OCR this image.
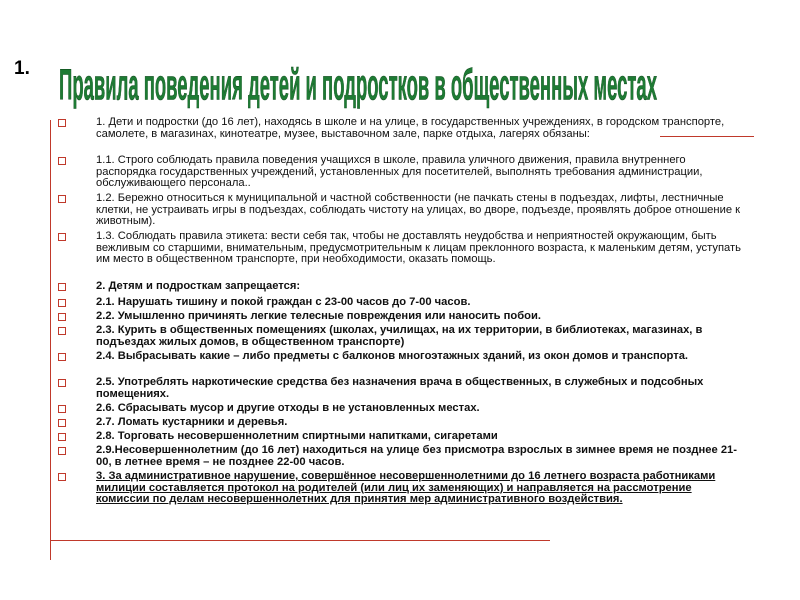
1. Правила поведения детей и подростков в общественных местах
1. Дети и подростки (до 16 лет), находясь в школе и на улице, в государственных учреждениях, в городском транспорте, самолете, в магазинах, кинотеатре, музее, выставочном зале, парке отдыха, лагерях обязаны:
1.1. Строго соблюдать правила поведения учащихся в школе, правила уличного движения, правила внутреннего распорядка государственных учреждений, установленных для посетителей, выполнять требования администрации, обслуживающего персонала..
1.2. Бережно относиться к муниципальной и частной собственности (не пачкать стены в подъездах, лифты, лестничные клетки, не устраивать игры в подъездах, соблюдать чистоту на улицах, во дворе, подъезде, проявлять доброе отношение к животным).
1.3. Соблюдать правила этикета: вести себя так, чтобы не доставлять неудобства и неприятностей окружающим, быть вежливым со старшими, внимательным, предусмотрительным к лицам преклонного возраста, к маленьким детям, уступать им место в общественном транспорте, при необходимости, оказать помощь.
2. Детям и подросткам запрещается:
2.1. Нарушать тишину и покой граждан с 23-00 часов до 7-00 часов.
2.2. Умышленно причинять легкие телесные повреждения или наносить побои.
2.3. Курить в общественных помещениях (школах, училищах, на их территории, в библиотеках, магазинах, в подъездах жилых домов, в общественном транспорте)
2.4. Выбрасывать какие – либо предметы с балконов многоэтажных зданий, из окон домов и транспорта.
2.5. Употреблять наркотические средства без назначения врача в общественных, в служебных и подсобных помещениях.
2.6. Сбрасывать мусор и другие отходы в не установленных местах.
2.7. Ломать кустарники и деревья.
2.8. Торговать несовершеннолетним спиртными напитками, сигаретами
2.9.Несовершеннолетним (до 16 лет) находиться на улице без присмотра взрослых в зимнее время не позднее 21-00, в летнее время – не позднее 22-00 часов.
3. За административное нарушение, совершённое несовершеннолетними до 16 летнего возраста работниками милиции составляется протокол на родителей (или лиц их заменяющих) и направляется на рассмотрение комиссии по делам несовершеннолетних для принятия мер административного воздействия.
